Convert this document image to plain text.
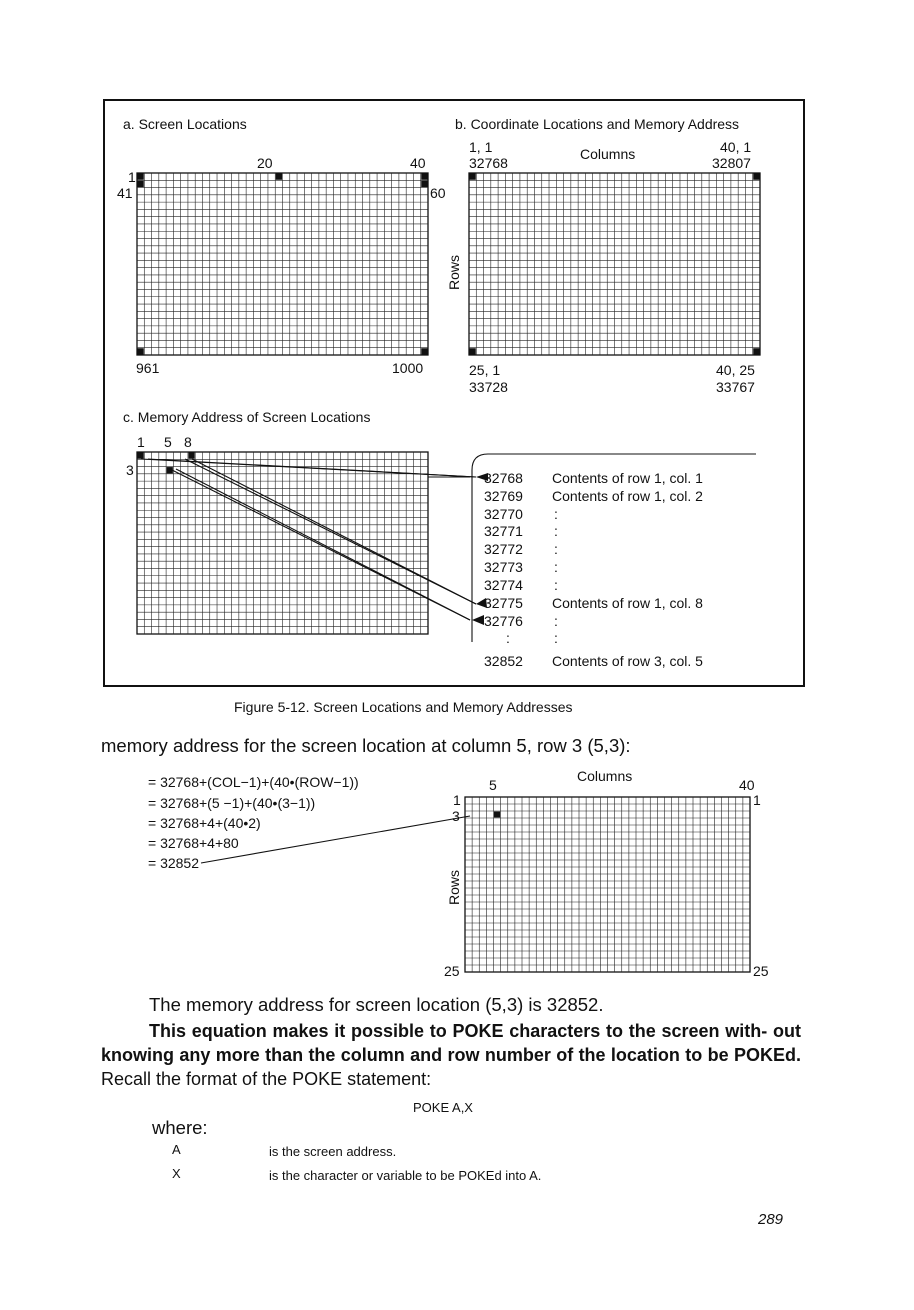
a. Screen Locations
1
20	40
41	60
961	1000
b. Coordinate Locations and Memory Address
1, 1
32768
Columns	40, 1
32807
Rows
25, 1
33728
40, 25
33767
c. Memory Address of Screen Locations
1 5 8
3	32768 Contents of row 1, col. 1
32769 Contents of row 1, col. 2
32770 :
32771 :
32772 :
32773 :
32774 :
32775 Contents of row 1, col. 8
32776 :
:	:
32852 Contents of row 3, col. 5
Figure 5-12. Screen Locations and Memory Addresses
memory address for the screen location at column 5, row 3 (5,3):
= 32768+(COL−1)+(40•(ROW−1))
= 32768+(5 −1)+(40•(3−1))
= 32768+4+(40•2)
= 32768+4+80
= 32852
Columns
5	40
1	1
3
Rows
25	25
The memory address for screen location (5,3) is 32852.
This equation makes it possible to POKE characters to the screen with- out knowing any more than the column and row number of the location to be POKEd. Recall the format of the POKE statement:
POKE A,X
where:
A	is the screen address.
X	is the character or variable to be POKEd into A.
289
